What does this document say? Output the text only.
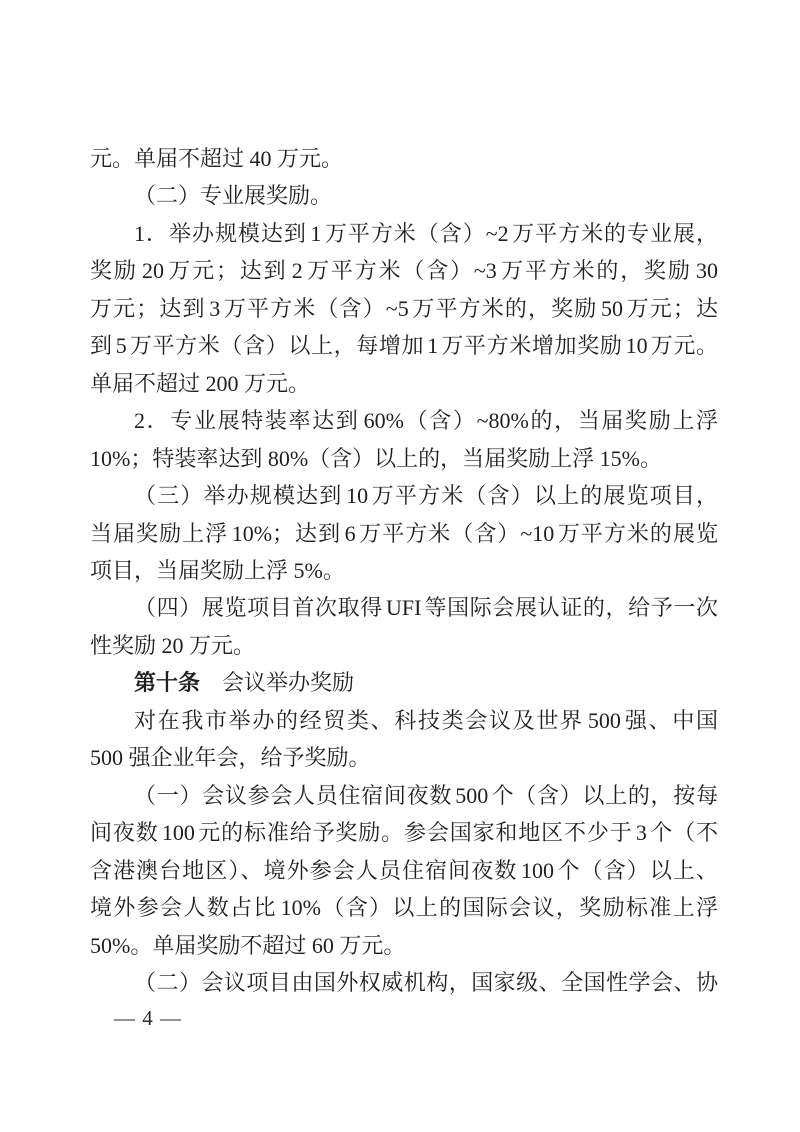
元。单届不超过 40 万元。
（二）专业展奖励。
1．举办规模达到 1 万平方米（含）~2 万平方米的专业展，
奖励 20 万元；达到 2 万平方米（含）~3 万平方米的，奖励 30
万元；达到 3 万平方米（含）~5 万平方米的，奖励 50 万元；达
到 5 万平方米（含）以上，每增加 1 万平方米增加奖励 10 万元。
单届不超过 200 万元。
2．专业展特装率达到 60%（含）~80%的，当届奖励上浮
10%；特装率达到 80%（含）以上的，当届奖励上浮 15%。
（三）举办规模达到 10 万平方米（含）以上的展览项目，
当届奖励上浮 10%；达到 6 万平方米（含）~10 万平方米的展览
项目，当届奖励上浮 5%。
（四）展览项目首次取得 UFI 等国际会展认证的，给予一次
性奖励 20 万元。
第十条　会议举办奖励
对在我市举办的经贸类、科技类会议及世界 500 强、中国
500 强企业年会，给予奖励。
（一）会议参会人员住宿间夜数 500 个（含）以上的，按每
间夜数 100 元的标准给予奖励。参会国家和地区不少于 3 个（不
含港澳台地区）、境外参会人员住宿间夜数 100 个（含）以上、
境外参会人数占比 10%（含）以上的国际会议，奖励标准上浮
50%。单届奖励不超过 60 万元。
（二）会议项目由国外权威机构，国家级、全国性学会、协
— 4 —
